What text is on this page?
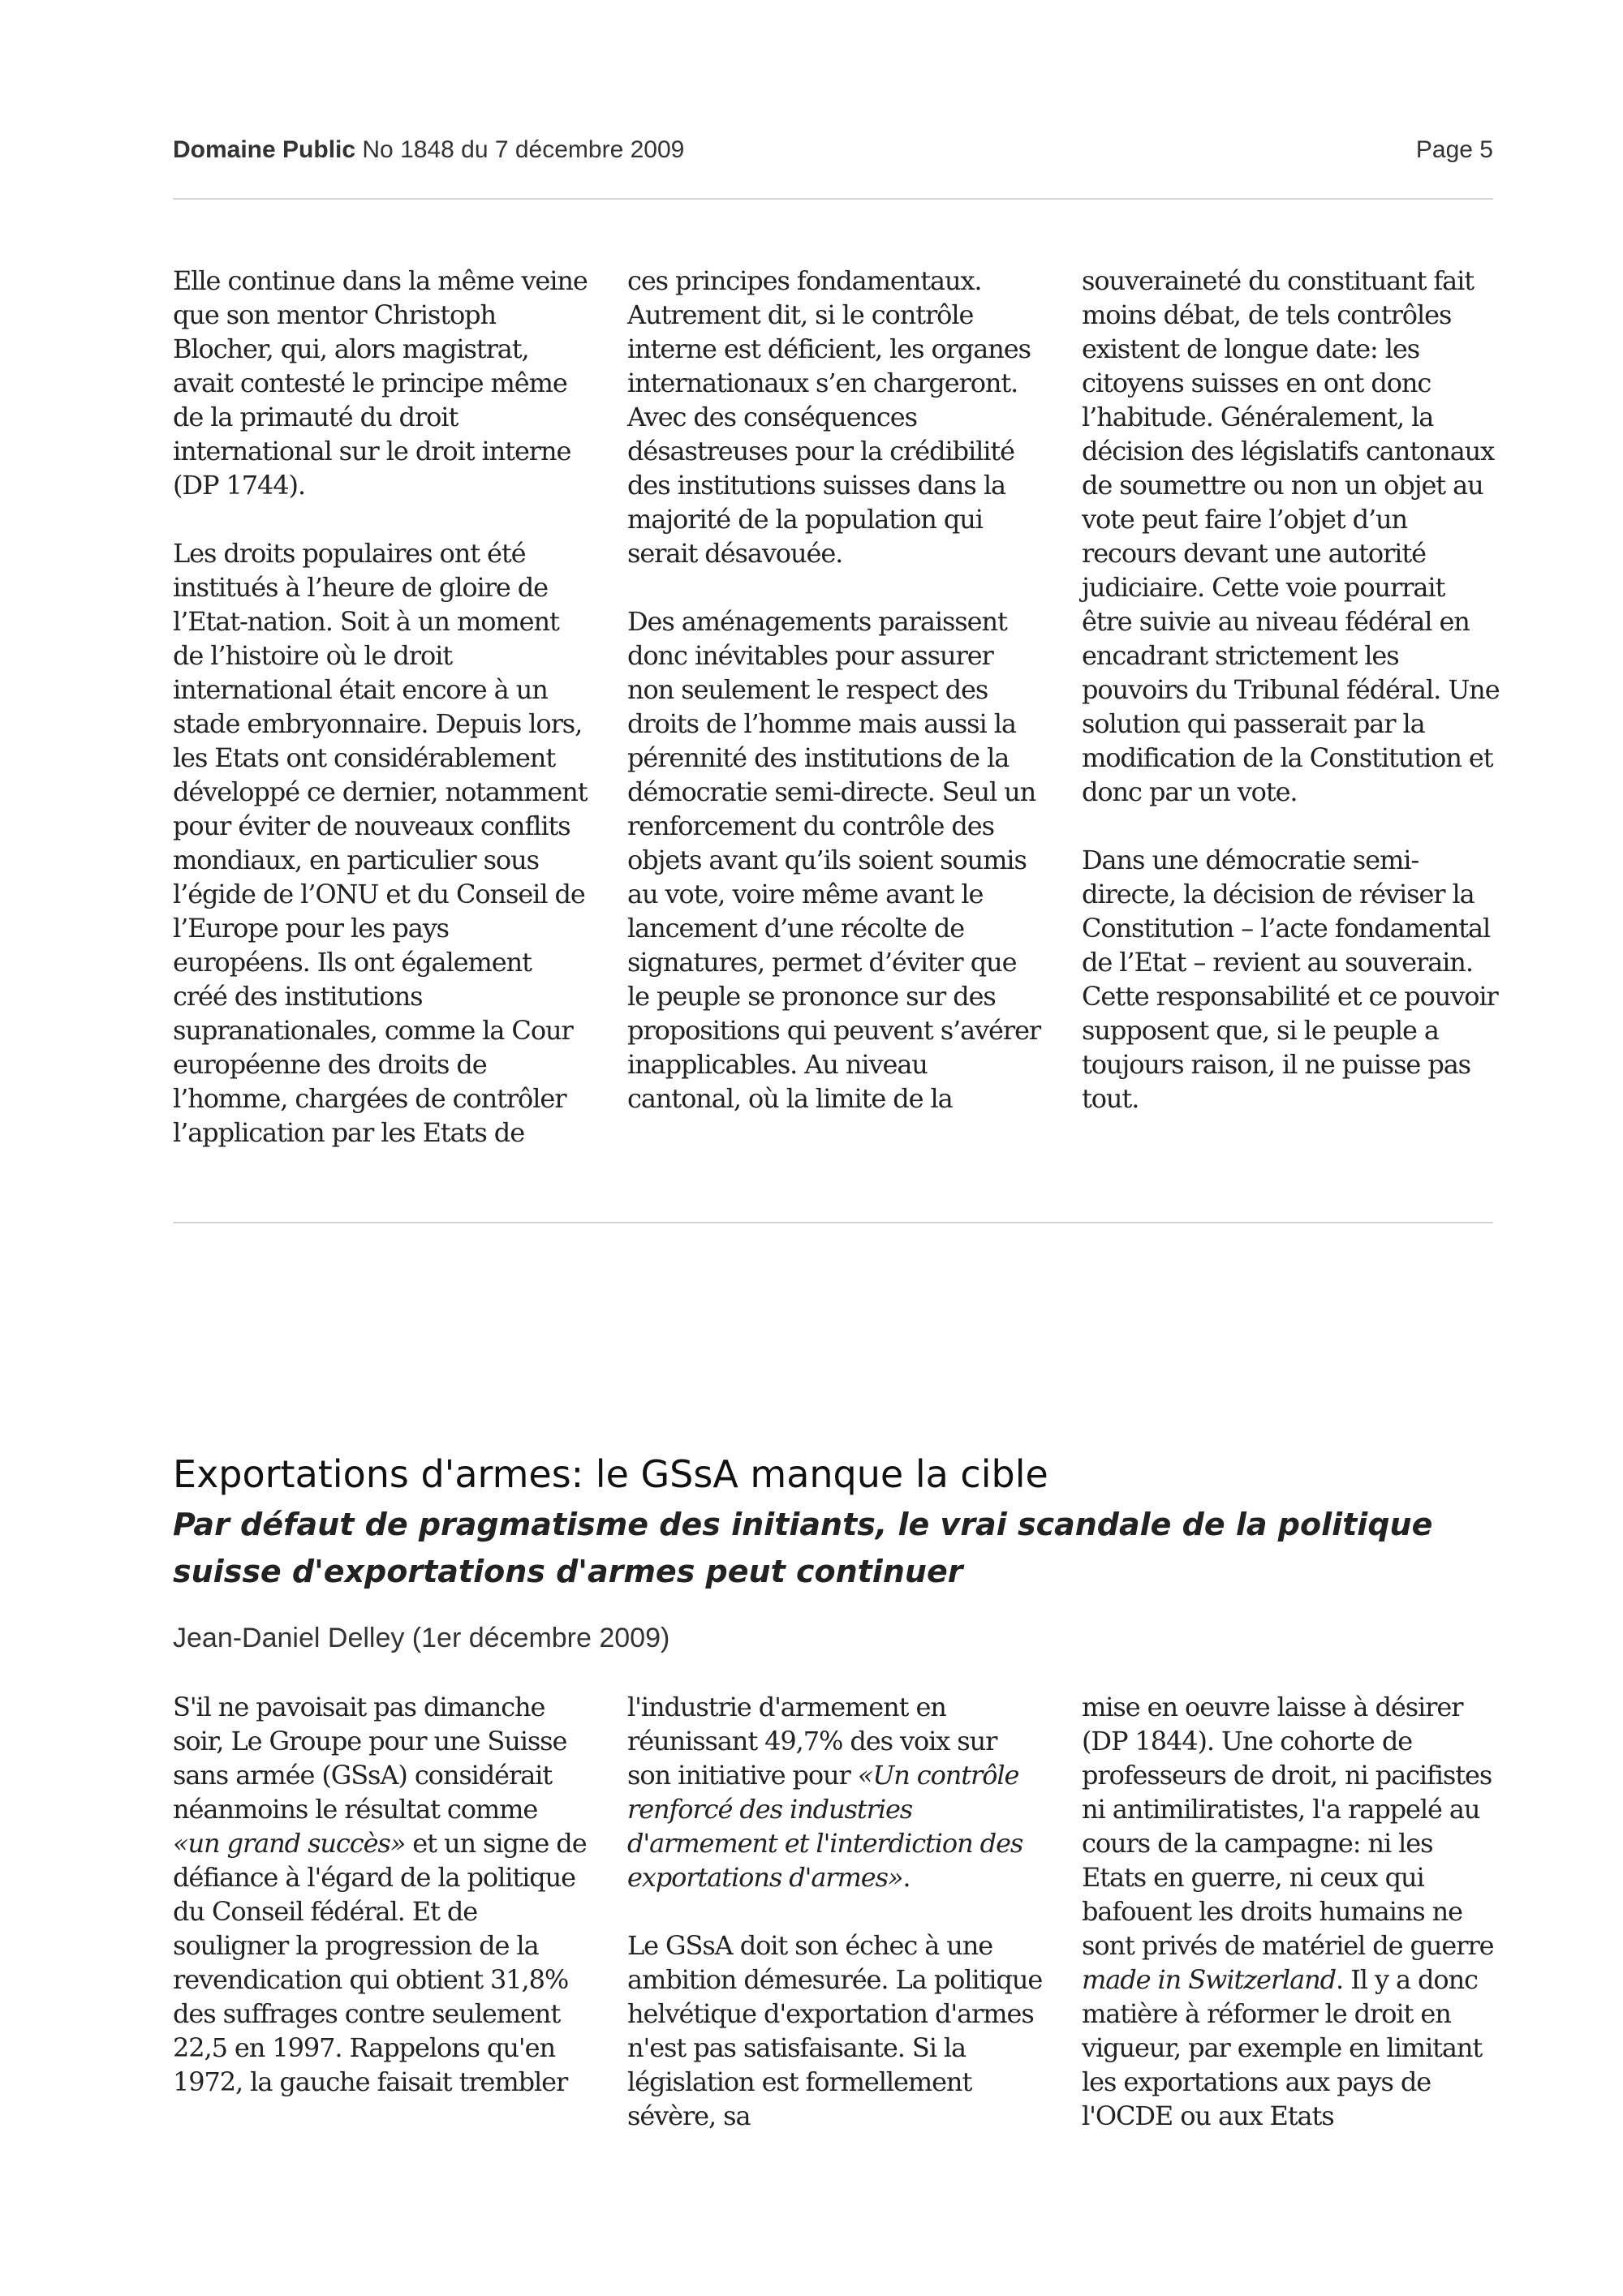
Domaine Public No 1848 du 7 décembre 2009	Page 5

Elle continue dans la même veine que son mentor Christoph Blocher, qui, alors magistrat, avait contesté le principe même de la primauté du droit international sur le droit interne (DP 1744).

Les droits populaires ont été institués à l’heure de gloire de l’Etat-nation. Soit à un moment de l’histoire où le droit international était encore à un stade embryonnaire. Depuis lors, les Etats ont considérablement développé ce dernier, notamment pour éviter de nouveaux conflits mondiaux, en particulier sous l’égide de l’ONU et du Conseil de l’Europe pour les pays européens. Ils ont également créé des institutions supranationales, comme la Cour européenne des droits de l’homme, chargées de contrôler l’application par les Etats de

ces principes fondamentaux. Autrement dit, si le contrôle interne est déficient, les organes internationaux s’en chargeront. Avec des conséquences désastreuses pour la crédibilité des institutions suisses dans la majorité de la population qui serait désavouée.

Des aménagements paraissent donc inévitables pour assurer non seulement le respect des droits de l’homme mais aussi la pérennité des institutions de la démocratie semi-directe. Seul un renforcement du contrôle des objets avant qu’ils soient soumis au vote, voire même avant le lancement d’une récolte de signatures, permet d’éviter que le peuple se prononce sur des propositions qui peuvent s’avérer inapplicables. Au niveau cantonal, où la limite de la

souveraineté du constituant fait moins débat, de tels contrôles existent de longue date: les citoyens suisses en ont donc l’habitude. Généralement, la décision des législatifs cantonaux de soumettre ou non un objet au vote peut faire l’objet d’un recours devant une autorité judiciaire. Cette voie pourrait être suivie au niveau fédéral en encadrant strictement les pouvoirs du Tribunal fédéral. Une solution qui passerait par la modification de la Constitution et donc par un vote.

Dans une démocratie semi-directe, la décision de réviser la Constitution – l’acte fondamental de l’Etat – revient au souverain. Cette responsabilité et ce pouvoir supposent que, si le peuple a toujours raison, il ne puisse pas tout.

Exportations d'armes: le GSsA manque la cible
Par défaut de pragmatisme des initiants, le vrai scandale de la politique suisse d'exportations d'armes peut continuer
Jean-Daniel Delley (1er décembre 2009)

S'il ne pavoisait pas dimanche soir, Le Groupe pour une Suisse sans armée (GSsA) considérait néanmoins le résultat comme «un grand succès» et un signe de défiance à l'égard de la politique du Conseil fédéral. Et de souligner la progression de la revendication qui obtient 31,8% des suffrages contre seulement 22,5 en 1997. Rappelons qu'en 1972, la gauche faisait trembler

l'industrie d'armement en réunissant 49,7% des voix sur son initiative pour «Un contrôle renforcé des industries d'armement et l'interdiction des exportations d'armes».

Le GSsA doit son échec à une ambition démesurée. La politique helvétique d'exportation d'armes n'est pas satisfaisante. Si la législation est formellement sévère, sa

mise en oeuvre laisse à désirer (DP 1844). Une cohorte de professeurs de droit, ni pacifistes ni antimiliratistes, l'a rappelé au cours de la campagne: ni les Etats en guerre, ni ceux qui bafouent les droits humains ne sont privés de matériel de guerre made in Switzerland. Il y a donc matière à réformer le droit en vigueur, par exemple en limitant les exportations aux pays de l'OCDE ou aux Etats
